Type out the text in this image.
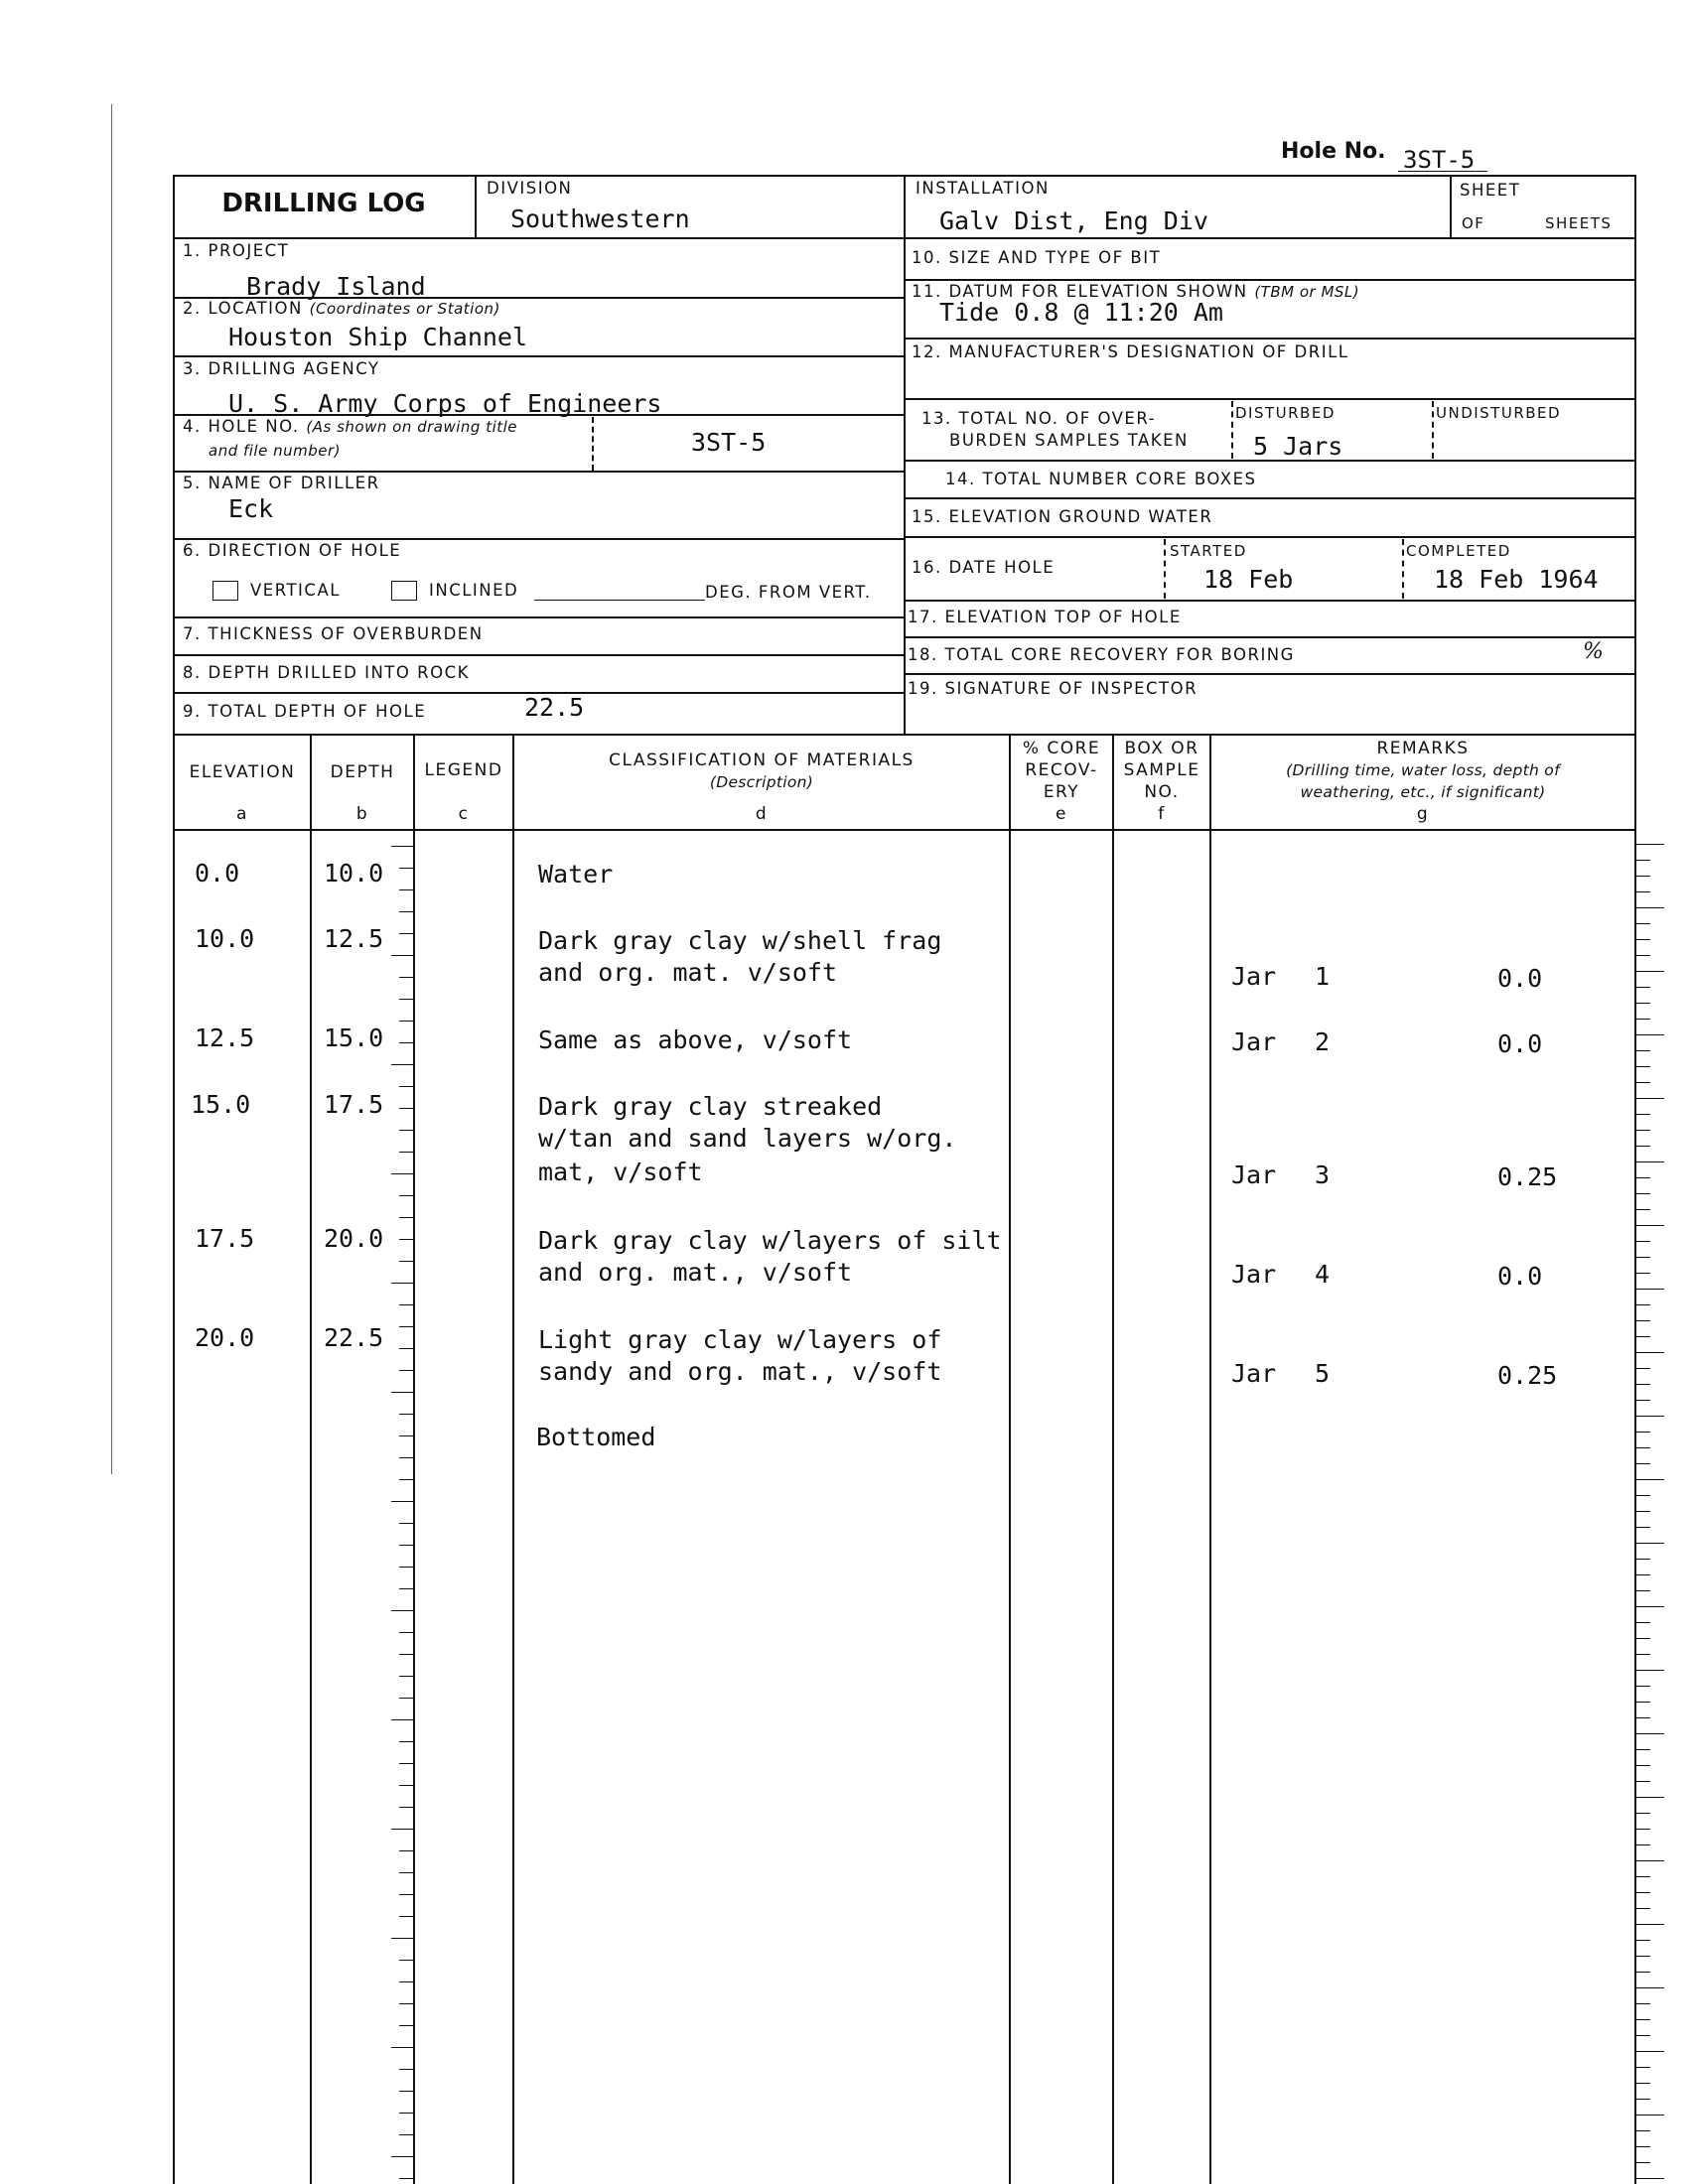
Hole No. 3ST-5
DRILLING LOG
DIVISION
Southwestern
INSTALLATION
Galv Dist, Eng Div
SHEET
OF	SHEETS
1. PROJECT
Brady Island
2. LOCATION (Coordinates or Station)
Houston Ship Channel
3. DRILLING AGENCY
U. S. Army Corps of Engineers
4. HOLE NO. (As shown on drawing title
and file number)	3ST-5
5. NAME OF DRILLER
Eck
6. DIRECTION OF HOLE
VERTICAL	INCLINED	DEG. FROM VERT.
7. THICKNESS OF OVERBURDEN
8. DEPTH DRILLED INTO ROCK
9. TOTAL DEPTH OF HOLE	22.5
10. SIZE AND TYPE OF BIT
11. DATUM FOR ELEVATION SHOWN (TBM or MSL)
Tide 0.8 @ 11:20 Am
12. MANUFACTURER'S DESIGNATION OF DRILL
13. TOTAL NO. OF OVER-
BURDEN SAMPLES TAKEN
DISTURBED
5 Jars
UNDISTURBED
14. TOTAL NUMBER CORE BOXES
15. ELEVATION GROUND WATER
16. DATE HOLE
STARTED
18 Feb
COMPLETED
18 Feb 1964
17. ELEVATION TOP OF HOLE
18. TOTAL CORE RECOVERY FOR BORING	%
19. SIGNATURE OF INSPECTOR
ELEVATION
a
DEPTH
b
LEGEND
c
CLASSIFICATION OF MATERIALS
(Description)
d
% CORE
RECOV-
ERY
e
BOX OR
SAMPLE
NO.
f
REMARKS
(Drilling time, water loss, depth of
weathering, etc., if significant)
g
0.0	10.0	Water
10.0	12.5	Dark gray clay w/shell frag
and org. mat. v/soft	Jar 1	0.0
12.5	15.0	Same as above, v/soft	Jar 2	0.0
15.0	17.5	Dark gray clay streaked
w/tan and sand layers w/org.
mat, v/soft	Jar 3	0.25
17.5	20.0	Dark gray clay w/layers of silt
and org. mat., v/soft	Jar 4	0.0
20.0	22.5	Light gray clay w/layers of
sandy and org. mat., v/soft	Jar 5	0.25
Bottomed
